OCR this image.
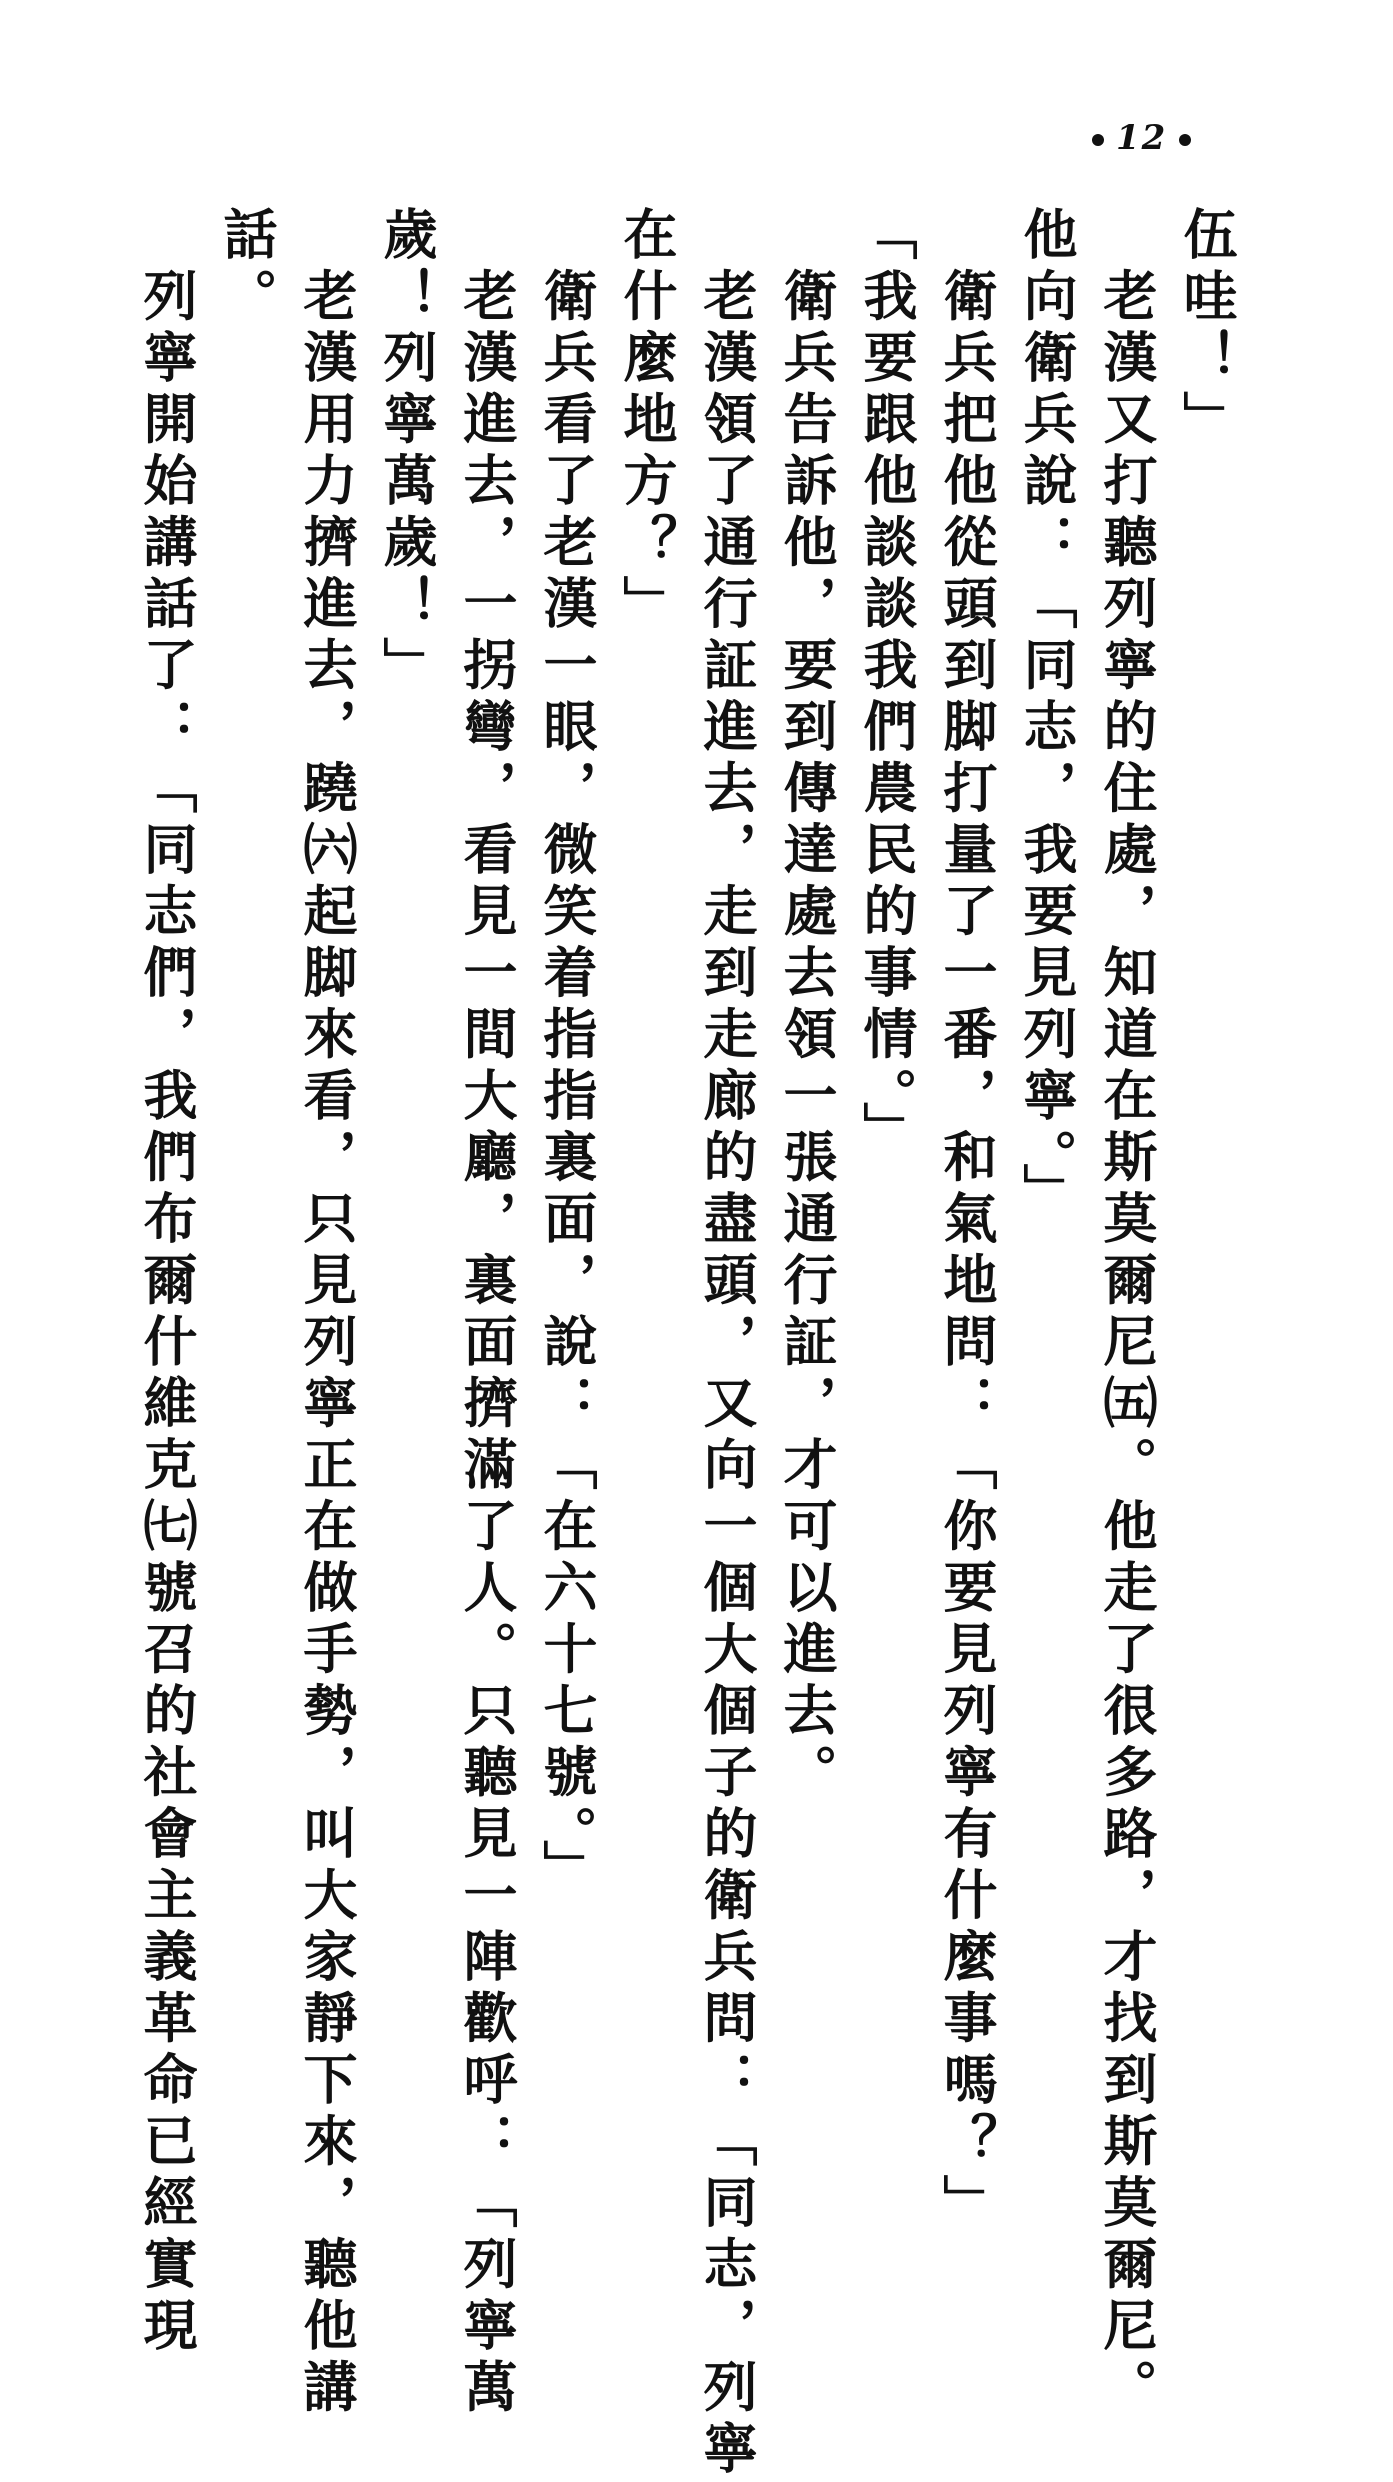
12
伍哇！」
　老漢又打聽列寧的住處，知道在斯莫爾尼㈤。他走了很多路，才找到斯莫爾尼。
他向衛兵說：「同志，我要見列寧。」
　衛兵把他從頭到脚打量了一番，和氣地問：「你要見列寧有什麼事嗎？」
「我要跟他談談我們農民的事情。」
　衛兵告訴他，要到傳達處去領一張通行証，才可以進去。
　老漢領了通行証進去，走到走廊的盡頭，又向一個大個子的衛兵問：「同志，列寧
在什麼地方？」
　衛兵看了老漢一眼，微笑着指指裏面，說：「在六十七號。」
　老漢進去，一拐彎，看見一間大廳，裏面擠滿了人。只聽見一陣歡呼：「列寧萬
歲！列寧萬歲！」
　老漢用力擠進去，蹺㈥起脚來看，只見列寧正在做手勢，叫大家靜下來，聽他講
話。
　列寧開始講話了：「同志們，我們布爾什維克㈦號召的社會主義革命已經實現
